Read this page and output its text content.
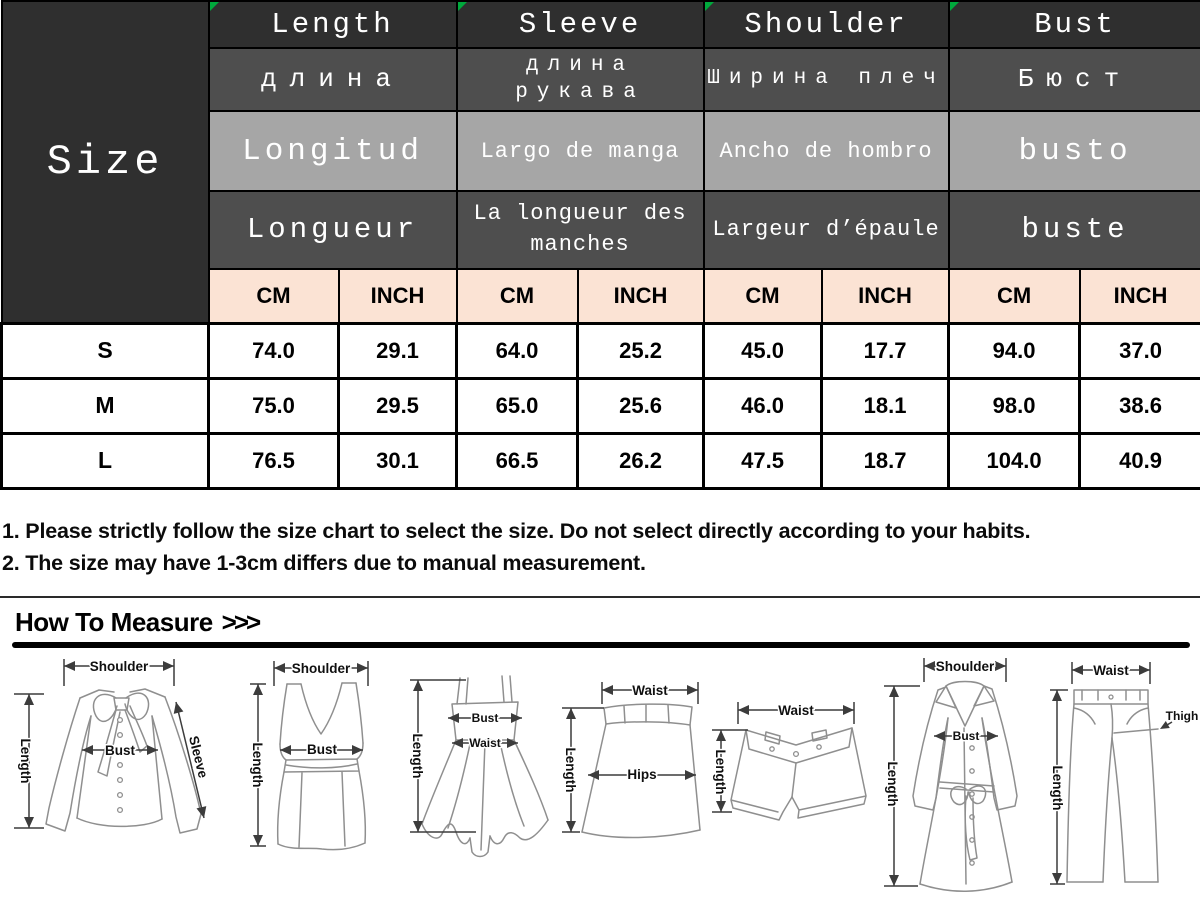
Size	Length		Sleeve		Shoulder		Bust	
	длина		длина рукава		Ширина плеч		Бюст	
	Longitud		Largo de manga		Ancho de hombro		busto	
	Longueur		La longueur des manches		Largeur d’épaule		buste	
	CM	INCH	CM	INCH	CM	INCH	CM	INCH
S	74.0	29.1	64.0	25.2	45.0	17.7	94.0	37.0
M	75.0	29.5	65.0	25.6	46.0	18.1	98.0	38.6
L	76.5	30.1	66.5	26.2	47.5	18.7	104.0	40.9
1. Please strictly follow the size chart to select the size. Do not select directly according to your habits.
2. The size may have 1-3cm differs due to manual measurement.
How To Measure >>>
Shoulder
Length	Bust	Sleeve
Shoulder
Length	Bust	Length
Bust
Waist
Waist
Length	Hips
Waist
Length
Shoulder
Length
Bust
Waist
Length
Thigh
